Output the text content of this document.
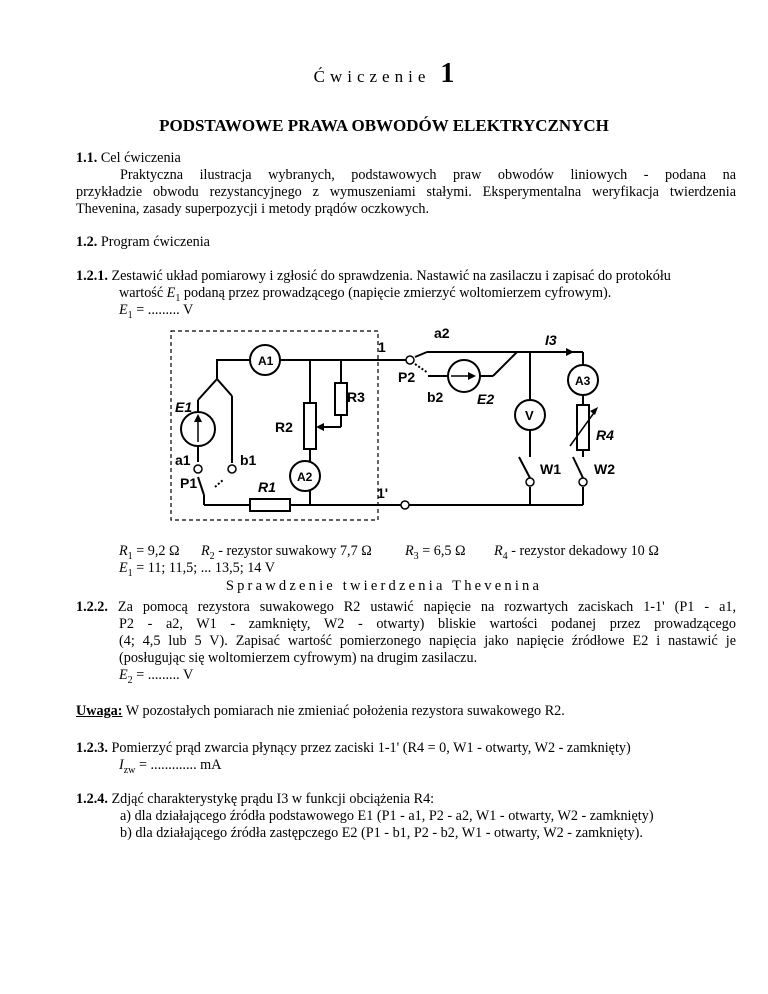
Ćwiczenie 1
PODSTAWOWE PRAWA OBWODÓW ELEKTRYCZNYCH
1.1. Cel ćwiczenia
Praktyczna ilustracja wybranych, podstawowych praw obwodów liniowych - podana na
przykładzie obwodu rezystancyjnego z wymuszeniami stałymi. Eksperymentalna weryfikacja twierdzenia
Thevenina, zasady superpozycji i metody prądów oczkowych.
1.2. Program ćwiczenia
1.2.1. Zestawić układ pomiarowy i zgłosić do sprawdzenia. Nastawić na zasilaczu i zapisać do protokółu
wartość $E_1$ podaną przez prowadzącego (napięcie zmierzyć woltomierzem cyfrowym).
$E_1$ = ......... V
a2	I3
1
A1
P2	A3
R3	b2 E2
E1
V
R2	R4
a1	b1
W1 W2
A2
P1	R1	1'
$R_1 = 9,2$ Ω $R_2$ - rezystor suwakowy 7,7 Ω $R_3 = 6,5$ Ω $R_4$ - rezystor dekadowy 10 Ω
$E_1 = 11$; 11,5; ... 13,5; 14 V
Sprawdzenie twierdzenia Thevenina
1.2.2. Za pomocą rezystora suwakowego R2 ustawić napięcie na rozwartych zaciskach 1-1' (P1 - a1,
P2 - a2, W1 - zamknięty, W2 - otwarty) bliskie wartości podanej przez prowadzącego
(4; 4,5 lub 5 V). Zapisać wartość pomierzonego napięcia jako napięcie źródłowe E2 i nastawić je
(posługując się woltomierzem cyfrowym) na drugim zasilaczu.
$E_2$ = ......... V
Uwaga: W pozostałych pomiarach nie zmieniać położenia rezystora suwakowego R2.
1.2.3. Pomierzyć prąd zwarcia płynący przez zaciski 1-1' (R4 = 0, W1 - otwarty, W2 - zamknięty)
$I_{zw}$ = ............. mA
1.2.4. Zdjąć charakterystykę prądu I3 w funkcji obciążenia R4:
a) dla działającego źródła podstawowego E1 (P1 - a1, P2 - a2, W1 - otwarty, W2 - zamknięty)
b) dla działającego źródła zastępczego E2 (P1 - b1, P2 - b2, W1 - otwarty, W2 - zamknięty).
